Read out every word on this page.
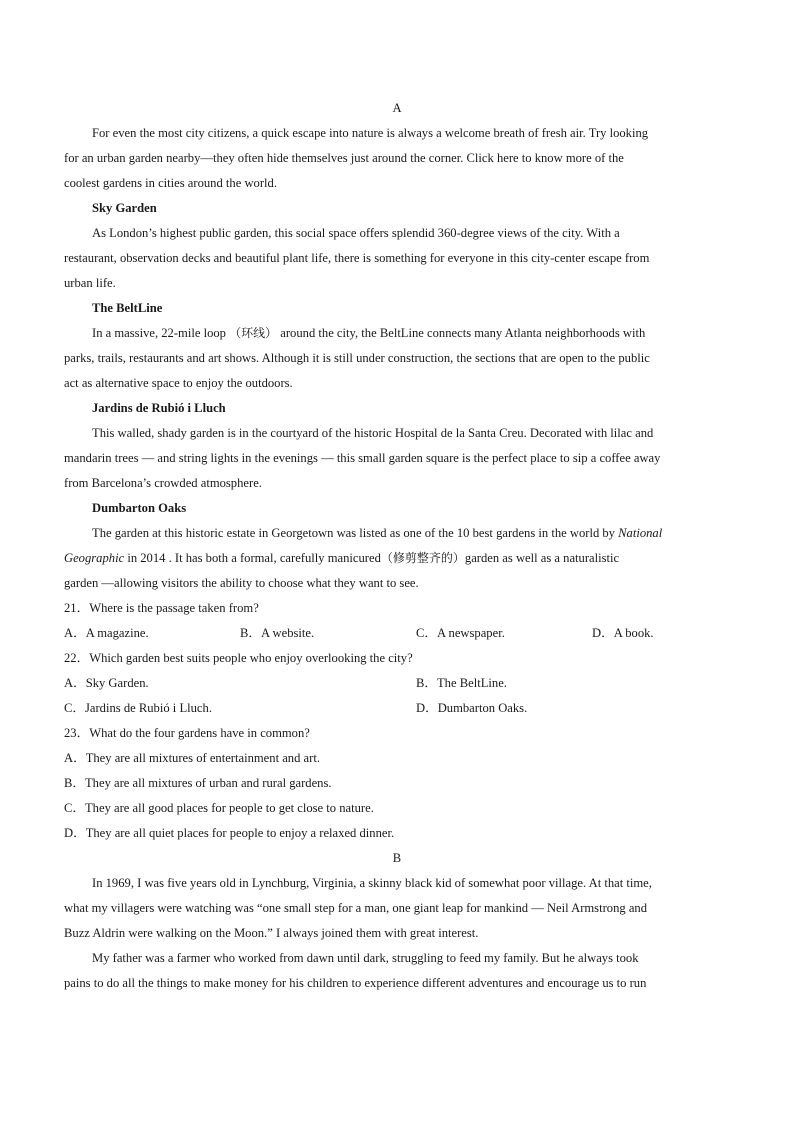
A
For even the most city citizens, a quick escape into nature is always a welcome breath of fresh air. Try looking
for an urban garden nearby—they often hide themselves just around the corner. Click here to know more of the
coolest gardens in cities around the world.
Sky Garden
As London’s highest public garden, this social space offers splendid 360-degree views of the city. With a
restaurant, observation decks and beautiful plant life, there is something for everyone in this city-center escape from
urban life.
The BeltLine
In a massive, 22-mile loop （环线） around the city, the BeltLine connects many Atlanta neighborhoods with
parks, trails, restaurants and art shows. Although it is still under construction, the sections that are open to the public
act as alternative space to enjoy the outdoors.
Jardins de Rubió i Lluch
This walled, shady garden is in the courtyard of the historic Hospital de la Santa Creu. Decorated with lilac and
mandarin trees — and string lights in the evenings — this small garden square is the perfect place to sip a coffee away
from Barcelona’s crowded atmosphere.
Dumbarton Oaks
The garden at this historic estate in Georgetown was listed as one of the 10 best gardens in the world by National
Geographic in 2014 . It has both a formal, carefully manicured（修剪整齐的）garden as well as a naturalistic
garden —allowing visitors the ability to choose what they want to see.
21．Where is the passage taken from?
A．A magazine.	B．A website.	C．A newspaper.	D．A book.
22．Which garden best suits people who enjoy overlooking the city?
A．Sky Garden.	B．The BeltLine.
C．Jardins de Rubió i Lluch.	D．Dumbarton Oaks.
23．What do the four gardens have in common?
A．They are all mixtures of entertainment and art.
B．They are all mixtures of urban and rural gardens.
C．They are all good places for people to get close to nature.
D．They are all quiet places for people to enjoy a relaxed dinner.
B
In 1969, I was five years old in Lynchburg, Virginia, a skinny black kid of somewhat poor village. At that time,
what my villagers were watching was “one small step for a man, one giant leap for mankind — Neil Armstrong and
Buzz Aldrin were walking on the Moon.” I always joined them with great interest.
My father was a farmer who worked from dawn until dark, struggling to feed my family. But he always took
pains to do all the things to make money for his children to experience different adventures and encourage us to run
